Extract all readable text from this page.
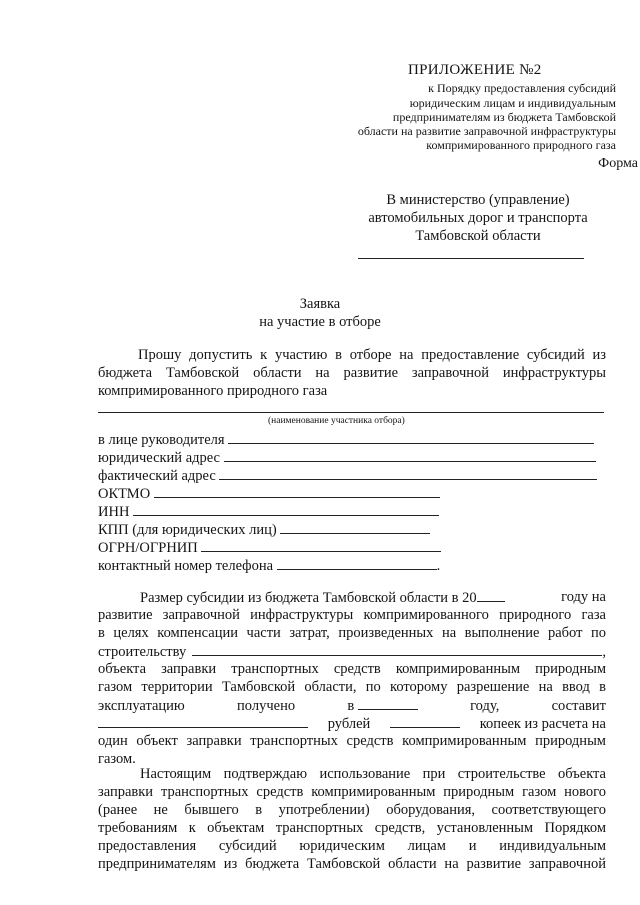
ПРИЛОЖЕНИЕ №2
к Порядку предоставления субсидий
юридическим лицам и индивидуальным
предпринимателям из бюджета Тамбовской
области на развитие заправочной инфраструктуры
компримированного природного газа
Форма
В министерство (управление)
автомобильных дорог и транспорта
Тамбовской области
Заявка
на участие в отборе
Прошу допустить к участию в отборе на предоставление субсидий из
бюджета Тамбовской области на развитие заправочной инфраструктуры
компримированного природного газа
(наименование участника отбора)
в лице руководителя
юридический адрес
фактический адрес
ОКТМО
ИНН
КПП (для юридических лиц)
ОГРН/ОГРНИП
контактный номер телефона	.
Размер субсидии из бюджета Тамбовской области в 20	году на
развитие заправочной инфраструктуры компримированного природного газа
в целях компенсации части затрат, произведенных на выполнение работ по
строительству	,
объекта заправки транспортных средств компримированным природным
газом территории Тамбовской области, по которому разрешение на ввод в
эксплуатацию	получено	в	году,	составит
рублей	копеек из расчета на
один объект заправки транспортных средств компримированным природным
газом.
Настоящим подтверждаю использование при строительстве объекта
заправки транспортных средств компримированным природным газом нового
(ранее не бывшего в употреблении) оборудования, соответствующего
требованиям к объектам транспортных средств, установленным Порядком
предоставления субсидий юридическим лицам и индивидуальным
предпринимателям из бюджета Тамбовской области на развитие заправочной
